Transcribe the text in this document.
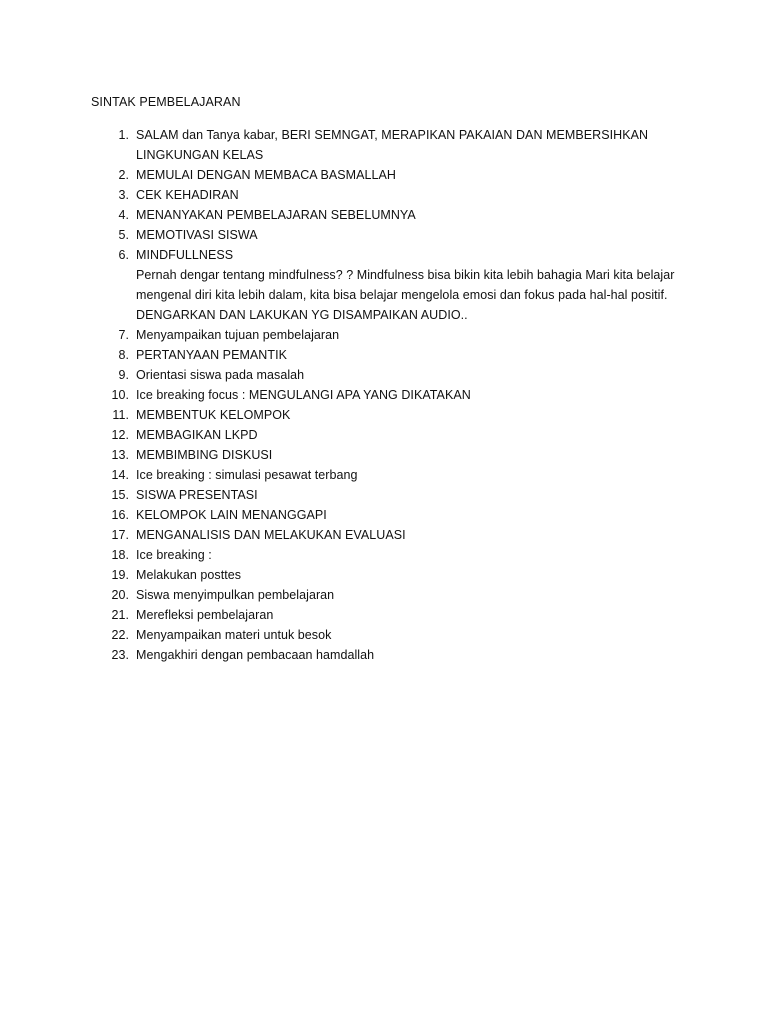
SINTAK PEMBELAJARAN
1. SALAM dan Tanya kabar, BERI SEMNGAT, MERAPIKAN PAKAIAN DAN MEMBERSIHKAN
LINGKUNGAN KELAS
2. MEMULAI DENGAN MEMBACA BASMALLAH
3. CEK KEHADIRAN
4. MENANYAKAN PEMBELAJARAN SEBELUMNYA
5. MEMOTIVASI SISWA
6. MINDFULLNESS
Pernah dengar tentang mindfulness? ? Mindfulness bisa bikin kita lebih bahagia Mari kita belajar
mengenal diri kita lebih dalam, kita bisa belajar mengelola emosi dan fokus pada hal-hal positif.
DENGARKAN DAN LAKUKAN YG DISAMPAIKAN AUDIO..
7. Menyampaikan tujuan pembelajaran
8. PERTANYAAN PEMANTIK
9. Orientasi siswa pada masalah
10. Ice breaking focus : MENGULANGI APA YANG DIKATAKAN
11. MEMBENTUK KELOMPOK
12. MEMBAGIKAN LKPD
13. MEMBIMBING DISKUSI
14. Ice breaking : simulasi pesawat terbang
15. SISWA PRESENTASI
16. KELOMPOK LAIN MENANGGAPI
17. MENGANALISIS DAN MELAKUKAN EVALUASI
18. Ice breaking :
19. Melakukan posttes
20. Siswa menyimpulkan pembelajaran
21. Merefleksi pembelajaran
22. Menyampaikan materi untuk besok
23. Mengakhiri dengan pembacaan hamdallah
